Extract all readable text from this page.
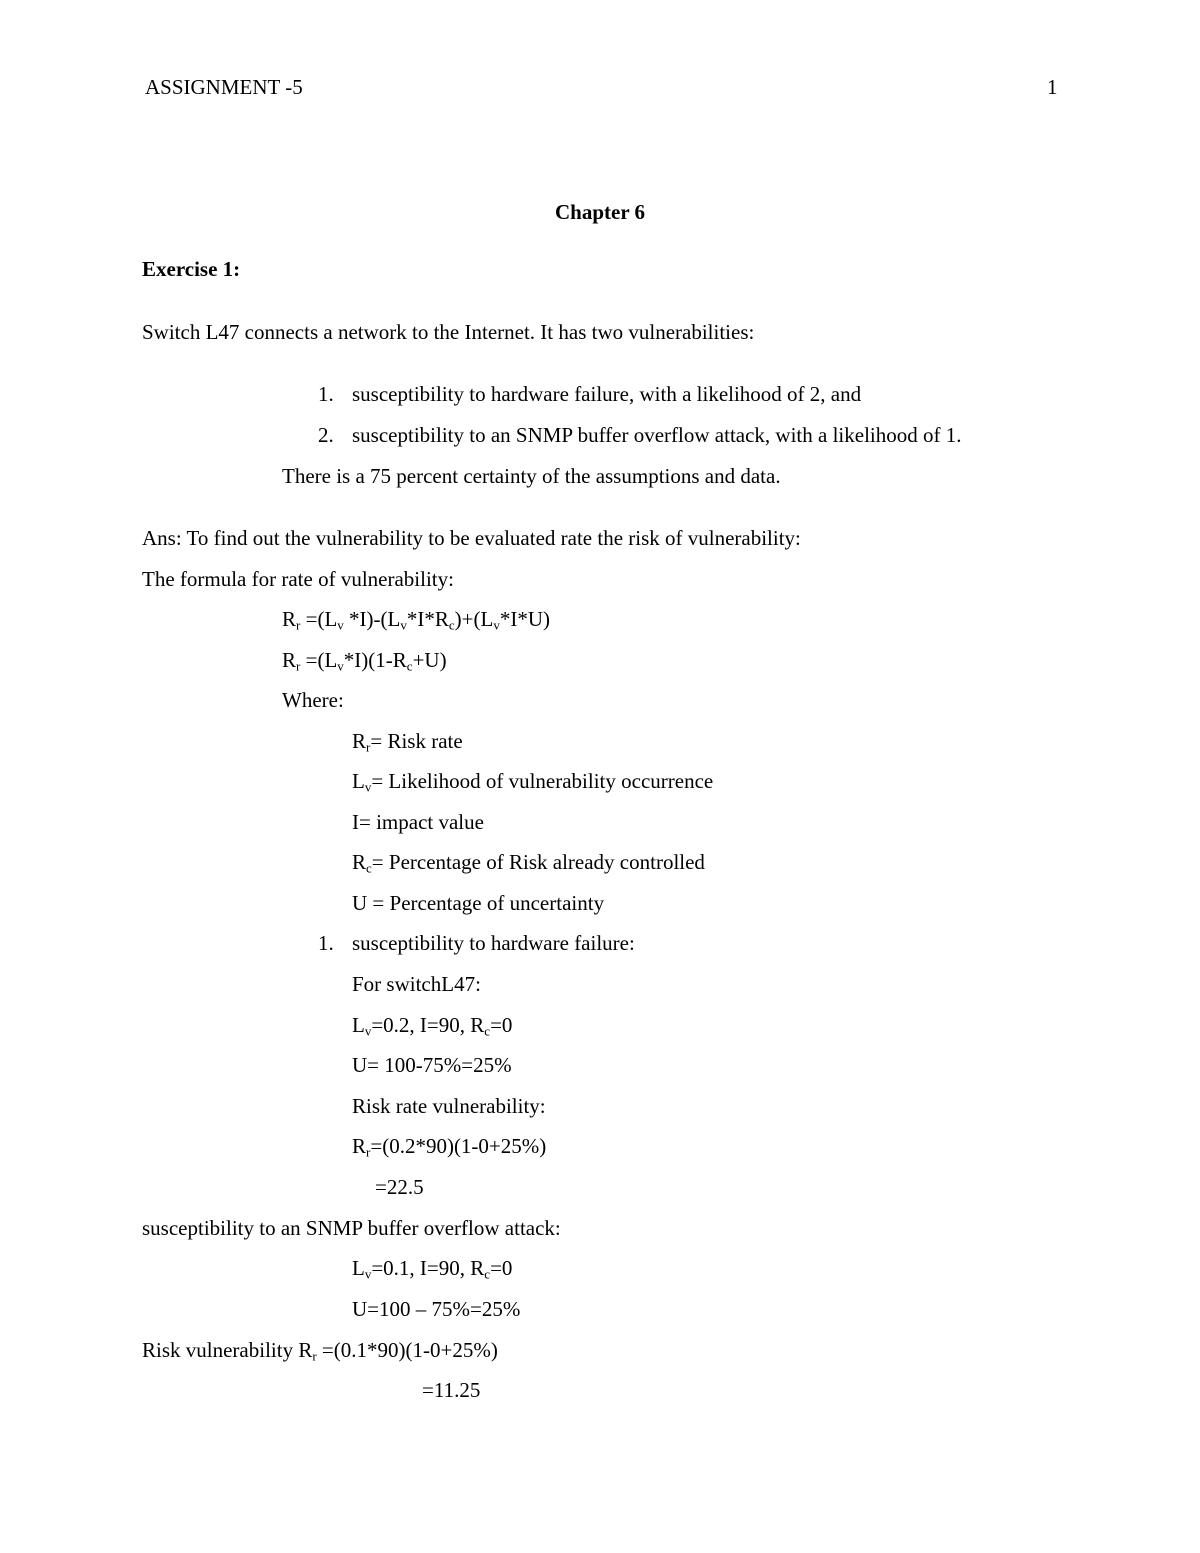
ASSIGNMENT -5	1
Chapter 6
Exercise 1:
Switch L47 connects a network to the Internet. It has two vulnerabilities:
1. susceptibility to hardware failure, with a likelihood of 2, and
2. susceptibility to an SNMP buffer overflow attack, with a likelihood of 1.
There is a 75 percent certainty of the assumptions and data.
Ans: To find out the vulnerability to be evaluated rate the risk of vulnerability:
The formula for rate of vulnerability:
$R_r =(L_v$ $*I)-(L_v*I*R_c)+(L_v*I*U)$
$R_r =(L_v*I)(1-R_c+U)$
Where:
$R_r=$ Risk rate
$L_v=$ Likelihood of vulnerability occurrence
I= impact value
$R_c=$ Percentage of Risk already controlled
U = Percentage of uncertainty
1. susceptibility to hardware failure:
For switchL47:
$L_v=0.2$, I=90, $R_c=0$
U= 100-75%=25%
Risk rate vulnerability:
$R_r=(0.2*90)(1-0+25\%)$
=22.5
susceptibility to an SNMP buffer overflow attack:
$L_v=0.1$, I=90, $R_c=0$
U=100 – 75%=25%
Risk vulnerability $R_r =(0.1*90)(1-0+25\%)$
=11.25
